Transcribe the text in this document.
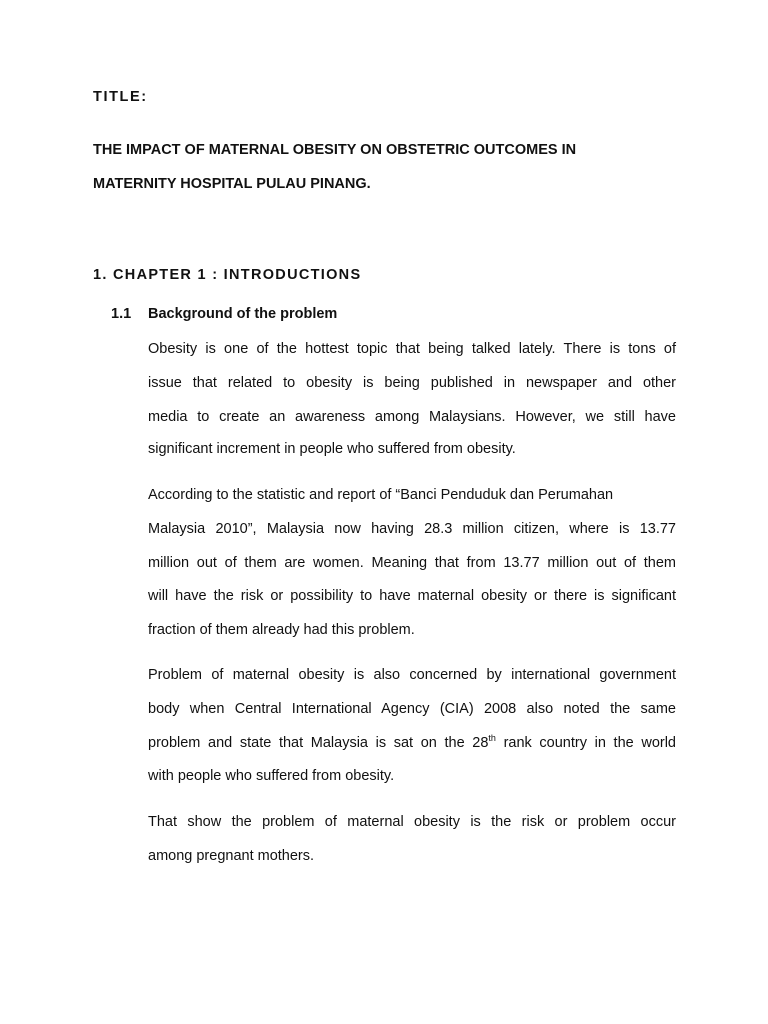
TITLE:
THE IMPACT OF MATERNAL OBESITY ON OBSTETRIC OUTCOMES IN
MATERNITY HOSPITAL PULAU PINANG.
1. CHAPTER 1 : INTRODUCTIONS
1.1 Background of the problem
Obesity is one of the hottest topic that being talked lately. There is tons of
issue that related to obesity is being published in newspaper and other
media to create an awareness among Malaysians. However, we still have
significant increment in people who suffered from obesity.
According to the statistic and report of “Banci Penduduk dan Perumahan
Malaysia 2010”, Malaysia now having 28.3 million citizen, where is 13.77
million out of them are women. Meaning that from 13.77 million out of them
will have the risk or possibility to have maternal obesity or there is significant
fraction of them already had this problem.
Problem of maternal obesity is also concerned by international government
body when Central International Agency (CIA) 2008 also noted the same
problem and state that Malaysia is sat on the 28th rank country in the world
with people who suffered from obesity.
That show the problem of maternal obesity is the risk or problem occur
among pregnant mothers.
